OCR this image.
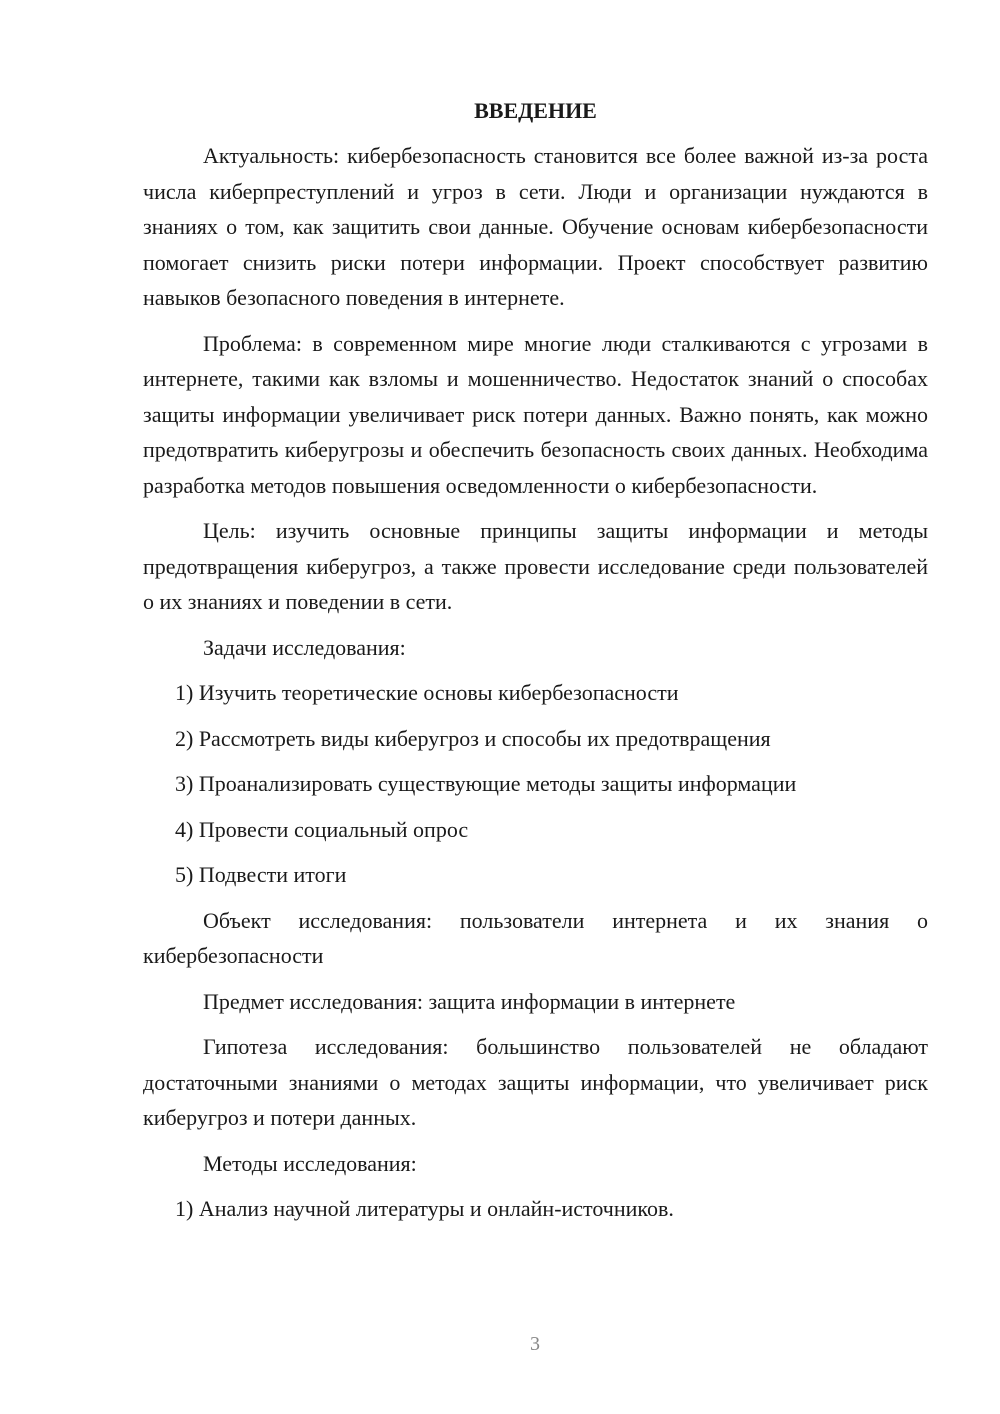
ВВЕДЕНИЕ

Актуальность: кибербезопасность становится все более важной из-за роста числа киберпреступлений и угроз в сети. Люди и организации нуждаются в знаниях о том, как защитить свои данные. Обучение основам кибербезопасности помогает снизить риски потери информации. Проект способствует развитию навыков безопасного поведения в интернете.

Проблема: в современном мире многие люди сталкиваются с угрозами в интернете, такими как взломы и мошенничество. Недостаток знаний о способах защиты информации увеличивает риск потери данных. Важно понять, как можно предотвратить киберугрозы и обеспечить безопасность своих данных. Необходима разработка методов повышения осведомленности о кибербезопасности.

Цель: изучить основные принципы защиты информации и методы предотвращения киберугроз, а также провести исследование среди пользователей о их знаниях и поведении в сети.

Задачи исследования:
1) Изучить теоретические основы кибербезопасности
2) Рассмотреть виды киберугроз и способы их предотвращения
3) Проанализировать существующие методы защиты информации
4) Провести социальный опрос
5) Подвести итоги

Объект исследования: пользователи интернета и их знания о кибербезопасности

Предмет исследования: защита информации в интернете

Гипотеза исследования: большинство пользователей не обладают достаточными знаниями о методах защиты информации, что увеличивает риск киберугроз и потери данных.

Методы исследования:
1) Анализ научной литературы и онлайн-источников.
3
